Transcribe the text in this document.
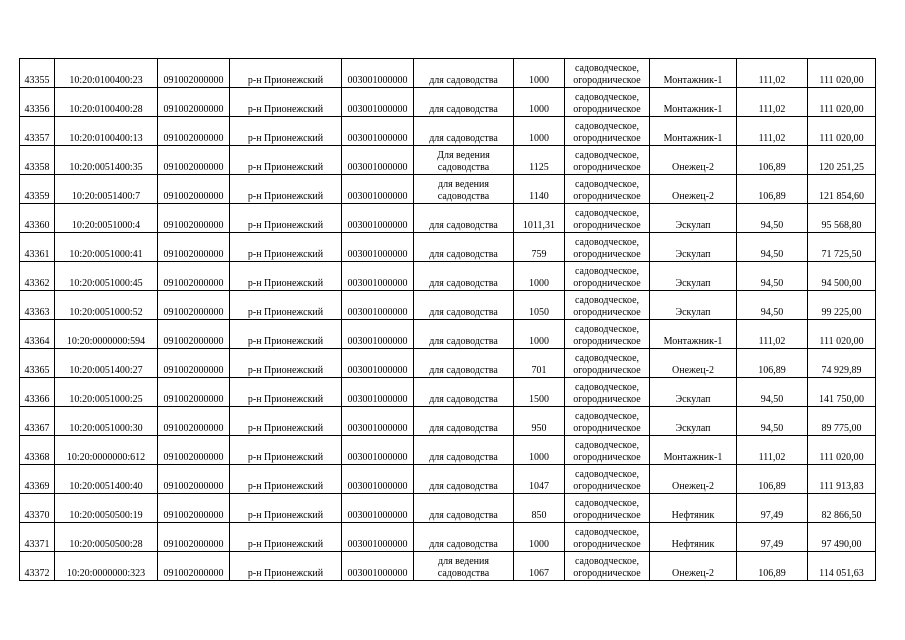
43355	10:20:0100400:23	091002000000	р-н Прионежский	003001000000	для садоводства	1000	садоводческое,
огородническое	Монтажник-1	111,02	111 020,00
43356	10:20:0100400:28	091002000000	р-н Прионежский	003001000000	для садоводства	1000	садоводческое,
огородническое	Монтажник-1	111,02	111 020,00
43357	10:20:0100400:13	091002000000	р-н Прионежский	003001000000	для садоводства	1000	садоводческое,
огородническое	Монтажник-1	111,02	111 020,00
43358	10:20:0051400:35	091002000000	р-н Прионежский	003001000000	Для ведения
садоводства	1125	садоводческое,
огородническое	Онежец-2	106,89	120 251,25
43359	10:20:0051400:7	091002000000	р-н Прионежский	003001000000	для ведения
садоводства	1140	садоводческое,
огородническое	Онежец-2	106,89	121 854,60
43360	10:20:0051000:4	091002000000	р-н Прионежский	003001000000	для садоводства	1011,31	садоводческое,
огородническое	Эскулап	94,50	95 568,80
43361	10:20:0051000:41	091002000000	р-н Прионежский	003001000000	для садоводства	759	садоводческое,
огородническое	Эскулап	94,50	71 725,50
43362	10:20:0051000:45	091002000000	р-н Прионежский	003001000000	для садоводства	1000	садоводческое,
огородническое	Эскулап	94,50	94 500,00
43363	10:20:0051000:52	091002000000	р-н Прионежский	003001000000	для садоводства	1050	садоводческое,
огородническое	Эскулап	94,50	99 225,00
43364	10:20:0000000:594	091002000000	р-н Прионежский	003001000000	для садоводства	1000	садоводческое,
огородническое	Монтажник-1	111,02	111 020,00
43365	10:20:0051400:27	091002000000	р-н Прионежский	003001000000	для садоводства	701	садоводческое,
огородническое	Онежец-2	106,89	74 929,89
43366	10:20:0051000:25	091002000000	р-н Прионежский	003001000000	для садоводства	1500	садоводческое,
огородническое	Эскулап	94,50	141 750,00
43367	10:20:0051000:30	091002000000	р-н Прионежский	003001000000	для садоводства	950	садоводческое,
огородническое	Эскулап	94,50	89 775,00
43368	10:20:0000000:612	091002000000	р-н Прионежский	003001000000	для садоводства	1000	садоводческое,
огородническое	Монтажник-1	111,02	111 020,00
43369	10:20:0051400:40	091002000000	р-н Прионежский	003001000000	для садоводства	1047	садоводческое,
огородническое	Онежец-2	106,89	111 913,83
43370	10:20:0050500:19	091002000000	р-н Прионежский	003001000000	для садоводства	850	садоводческое,
огородническое	Нефтяник	97,49	82 866,50
43371	10:20:0050500:28	091002000000	р-н Прионежский	003001000000	для садоводства	1000	садоводческое,
огородническое	Нефтяник	97,49	97 490,00
43372	10:20:0000000:323	091002000000	р-н Прионежский	003001000000	для ведения
садоводства	1067	садоводческое,
огородническое	Онежец-2	106,89	114 051,63
